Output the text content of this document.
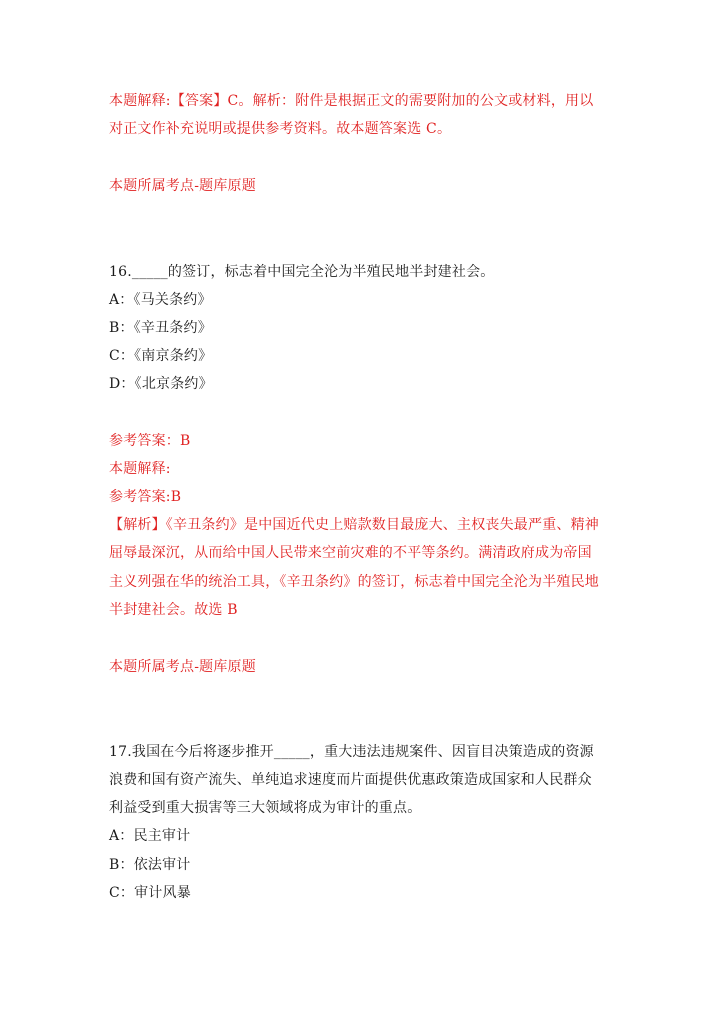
本题解释:【答案】C。解析：附件是根据正文的需要附加的公文或材料，用以
对正文作补充说明或提供参考资料。故本题答案选 C。
本题所属考点-题库原题
16._____的签订，标志着中国完全沦为半殖民地半封建社会。
A：《马关条约》
B：《辛丑条约》
C：《南京条约》
D：《北京条约》
参考答案：B
本题解释:
参考答案:B
【解析】《辛丑条约》是中国近代史上赔款数目最庞大、主权丧失最严重、精神
屈辱最深沉，从而给中国人民带来空前灾难的不平等条约。满清政府成为帝国
主义列强在华的统治工具，《辛丑条约》的签订，标志着中国完全沦为半殖民地
半封建社会。故选 B
本题所属考点-题库原题
17.我国在今后将逐步推开_____，重大违法违规案件、因盲目决策造成的资源
浪费和国有资产流失、单纯追求速度而片面提供优惠政策造成国家和人民群众
利益受到重大损害等三大领域将成为审计的重点。
A：民主审计
B：依法审计
C：审计风暴
